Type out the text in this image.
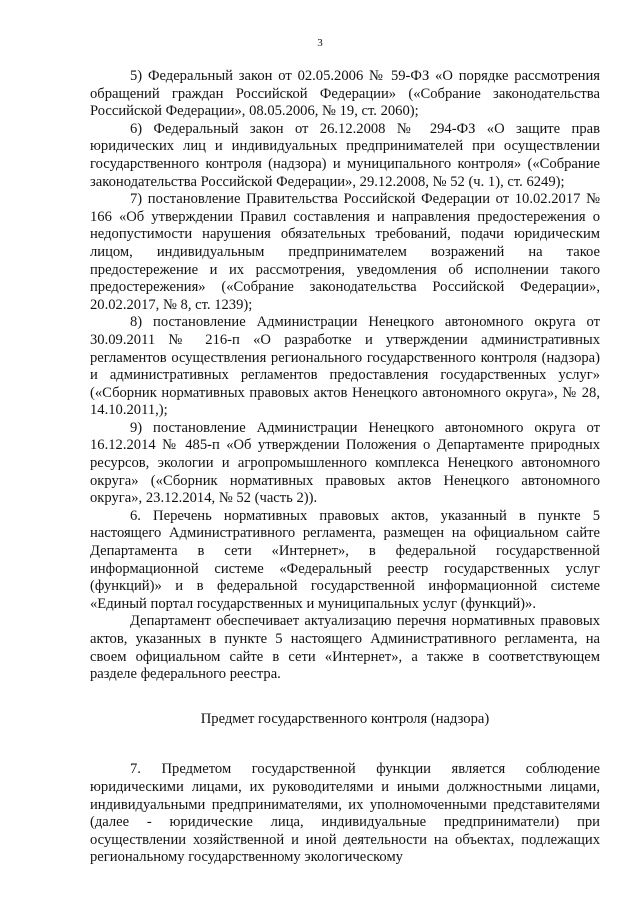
3

5) Федеральный закон от 02.05.2006 № 59-ФЗ «О порядке рассмотрения обращений граждан Российской Федерации» («Собрание законодательства Российской Федерации», 08.05.2006, № 19, ст. 2060);

6) Федеральный закон от 26.12.2008 № 294-ФЗ «О защите прав юридических лиц и индивидуальных предпринимателей при осуществлении государственного контроля (надзора) и муниципального контроля» («Собрание законодательства Российской Федерации», 29.12.2008, № 52 (ч. 1), ст. 6249);

7) постановление Правительства Российской Федерации от 10.02.2017 № 166 «Об утверждении Правил составления и направления предостережения о недопустимости нарушения обязательных требований, подачи юридическим лицом, индивидуальным предпринимателем возражений на такое предостережение и их рассмотрения, уведомления об исполнении такого предостережения» («Собрание законодательства Российской Федерации», 20.02.2017, № 8, ст. 1239);

8) постановление Администрации Ненецкого автономного округа от 30.09.2011 № 216-п «О разработке и утверждении административных регламентов осуществления регионального государственного контроля (надзора) и административных регламентов предоставления государственных услуг» («Сборник нормативных правовых актов Ненецкого автономного округа», № 28, 14.10.2011,);

9) постановление Администрации Ненецкого автономного округа от 16.12.2014 № 485-п «Об утверждении Положения о Департаменте природных ресурсов, экологии и агропромышленного комплекса Ненецкого автономного округа» («Сборник нормативных правовых актов Ненецкого автономного округа», 23.12.2014, № 52 (часть 2)).

6. Перечень нормативных правовых актов, указанный в пункте 5 настоящего Административного регламента, размещен на официальном сайте Департамента в сети «Интернет», в федеральной государственной информационной системе «Федеральный реестр государственных услуг (функций)» и в федеральной государственной информационной системе «Единый портал государственных и муниципальных услуг (функций)».

Департамент обеспечивает актуализацию перечня нормативных правовых актов, указанных в пункте 5 настоящего Административного регламента, на своем официальном сайте в сети «Интернет», а также в соответствующем разделе федерального реестра.

Предмет государственного контроля (надзора)

7. Предметом государственной функции является соблюдение юридическими лицами, их руководителями и иными должностными лицами, индивидуальными предпринимателями, их уполномоченными представителями (далее - юридические лица, индивидуальные предприниматели) при осуществлении хозяйственной и иной деятельности на объектах, подлежащих региональному государственному экологическому
